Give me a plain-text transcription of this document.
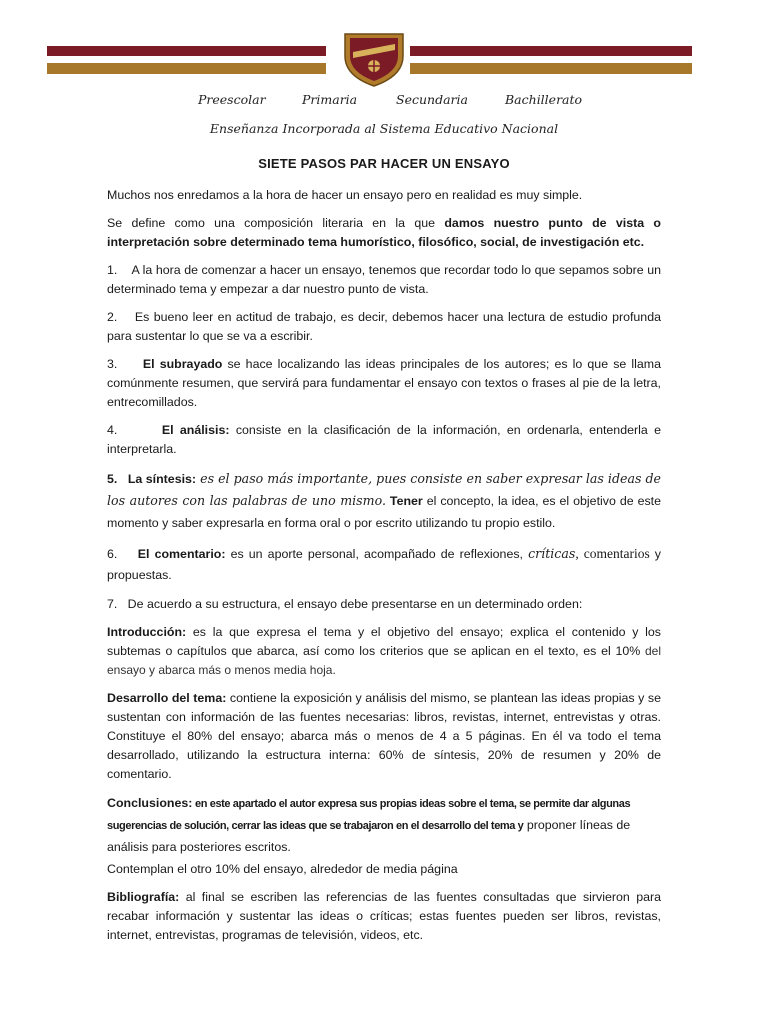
Preescolar	Primaria	Secundaria	Bachillerato
Enseñanza Incorporada al Sistema Educativo Nacional
SIETE PASOS PAR HACER UN ENSAYO

Muchos nos enredamos a la hora de hacer un ensayo pero en realidad es muy simple.

Se define como una composición literaria en la que damos nuestro punto de vista o interpretación sobre determinado tema humorístico, filosófico, social, de investigación etc.

1. A la hora de comenzar a hacer un ensayo, tenemos que recordar todo lo que sepamos sobre un determinado tema y empezar a dar nuestro punto de vista.

2. Es bueno leer en actitud de trabajo, es decir, debemos hacer una lectura de estudio profunda para sustentar lo que se va a escribir.

3. El subrayado se hace localizando las ideas principales de los autores; es lo que se llama comúnmente resumen, que servirá para fundamentar el ensayo con textos o frases al pie de la letra, entrecomillados.

4.	El análisis: consiste en la clasificación de la información, en ordenarla, entenderla e interpretarla.

5. La síntesis: es el paso más importante, pues consiste en saber expresar las ideas de los autores con las palabras de uno mismo. Tener el concepto, la idea, es el objetivo de este momento y saber expresarla en forma oral o por escrito utilizando tu propio estilo.

6. El comentario: es un aporte personal, acompañado de reflexiones, críticas, comentarios y propuestas.

7. De acuerdo a su estructura, el ensayo debe presentarse en un determinado orden:

Introducción: es la que expresa el tema y el objetivo del ensayo; explica el contenido y los subtemas o capítulos que abarca, así como los criterios que se aplican en el texto, es el 10% del ensayo y abarca más o menos media hoja.

Desarrollo del tema: contiene la exposición y análisis del mismo, se plantean las ideas propias y se sustentan con información de las fuentes necesarias: libros, revistas, internet, entrevistas y otras. Constituye el 80% del ensayo; abarca más o menos de 4 a 5 páginas. En él va todo el tema desarrollado, utilizando la estructura interna: 60% de síntesis, 20% de resumen y 20% de comentario.

Conclusiones: en este apartado el autor expresa sus propias ideas sobre el tema, se permite dar algunas sugerencias de solución, cerrar las ideas que se trabajaron en el desarrollo del tema y proponer líneas de análisis para posteriores escritos.

Contemplan el otro 10% del ensayo, alrededor de media página

Bibliografía: al final se escriben las referencias de las fuentes consultadas que sirvieron para recabar información y sustentar las ideas o críticas; estas fuentes pueden ser libros, revistas, internet, entrevistas, programas de televisión, videos, etc.
